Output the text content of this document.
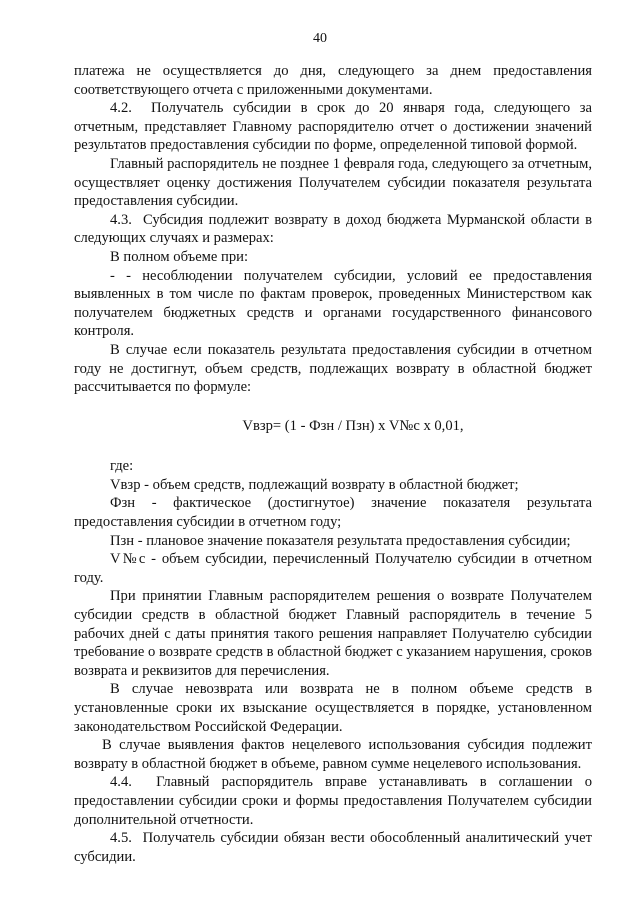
40

платежа не осуществляется до дня, следующего за днем предоставления соответствующего отчета с приложенными документами.

4.2.  Получатель субсидии в срок до 20 января года, следующего за отчетным, представляет Главному распорядителю отчет о достижении значений результатов предоставления субсидии по форме, определенной типовой формой.

Главный распорядитель не позднее 1 февраля года, следующего за отчетным, осуществляет оценку достижения Получателем субсидии показателя результата предоставления субсидии.

4.3.  Субсидия подлежит возврату в доход бюджета Мурманской области в следующих случаях и размерах:

В полном объеме при:

- - несоблюдении получателем субсидии, условий ее предоставления выявленных в том числе по фактам проверок, проведенных Министерством как получателем бюджетных средств и органами государственного финансового контроля.

В случае если показатель результата предоставления субсидии в отчетном году не достигнут, объем средств, подлежащих возврату в областной бюджет рассчитывается по формуле:

Vвзр= (1 - Фзн / Пзн) x V№с x 0,01,

где:

Vвзр - объем средств, подлежащий возврату в областной бюджет;

Фзн - фактическое (достигнутое) значение показателя результата предоставления субсидии в отчетном году;

Пзн - плановое значение показателя результата предоставления субсидии;

V№с - объем субсидии, перечисленный Получателю субсидии в отчетном году.

При принятии Главным распорядителем решения о возврате Получателем субсидии средств в областной бюджет Главный распорядитель в течение 5 рабочих дней с даты принятия такого решения направляет Получателю субсидии требование о возврате средств в областной бюджет с указанием нарушения, сроков возврата и реквизитов для перечисления.

В случае невозврата или возврата не в полном объеме средств в установленные сроки их взыскание осуществляется в порядке, установленном законодательством Российской Федерации.

В случае выявления фактов нецелевого использования субсидия подлежит возврату в областной бюджет в объеме, равном сумме нецелевого использования.

4.4.  Главный распорядитель вправе устанавливать в соглашении о предоставлении субсидии сроки и формы предоставления Получателем субсидии дополнительной отчетности.

4.5.  Получатель субсидии обязан вести обособленный аналитический учет субсидии.
